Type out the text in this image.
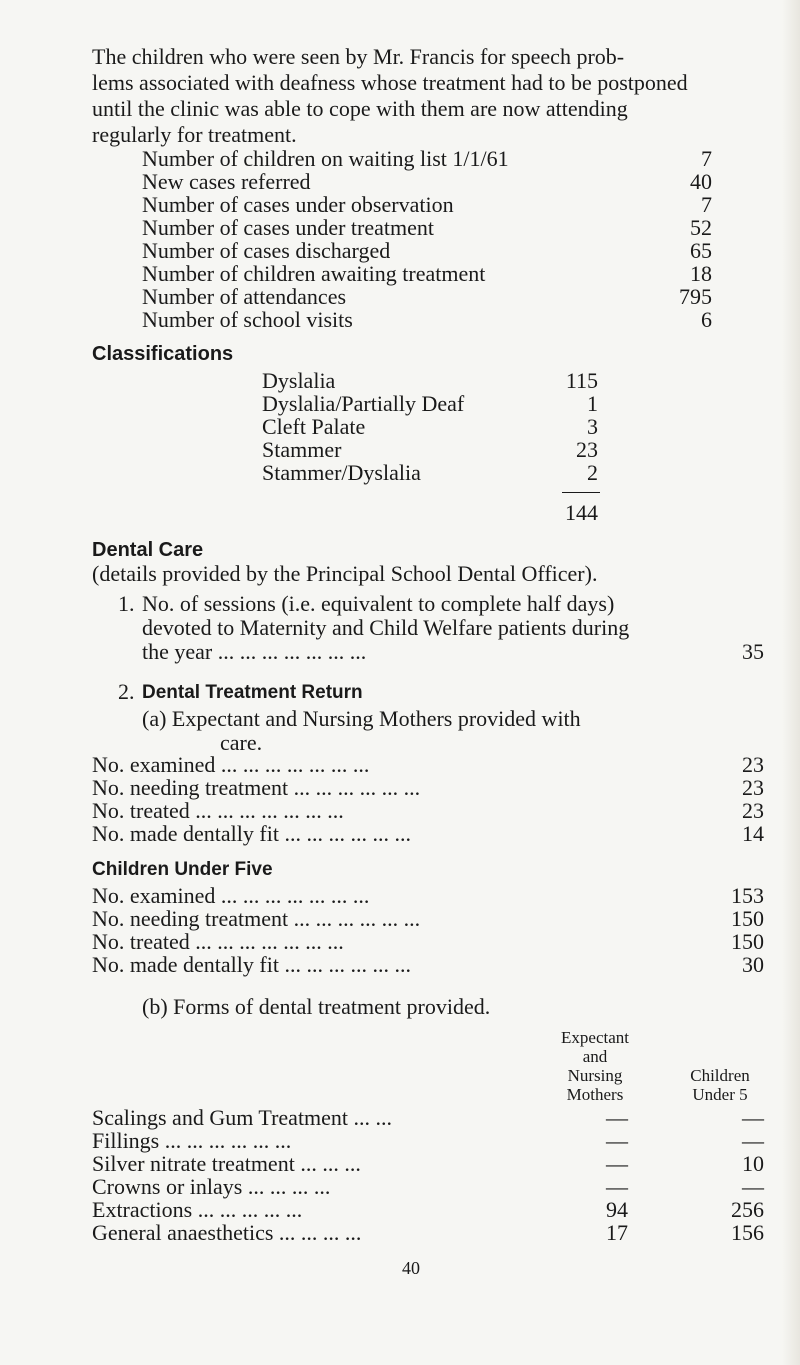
The children who were seen by Mr. Francis for speech prob-
lems associated with deafness whose treatment had to be postponed
until the clinic was able to cope with them are now attending
regularly for treatment.
Number of children on waiting list 1/1/61	7
New cases referred	40
Number of cases under observation	7
Number of cases under treatment	52
Number of cases discharged	65
Number of children awaiting treatment	18
Number of attendances	795
Number of school visits	6
Classifications
Dyslalia	115
Dyslalia/Partially Deaf	1
Cleft Palate	3
Stammer	23
Stammer/Dyslalia	2
144
Dental Care
(details provided by the Principal School Dental Officer).
1. No. of sessions (i.e. equivalent to complete half days)
devoted to Maternity and Child Welfare patients during
the year ... ... ... ... ... ... ...	35
2. Dental Treatment Return
(a) Expectant and Nursing Mothers provided with
care.
No. examined ... ... ... ... ... ... ...	23
No. needing treatment ... ... ... ... ... ...	23
No. treated ... ... ... ... ... ... ...	23
No. made dentally fit ... ... ... ... ... ...	14
Children Under Five
No. examined ... ... ... ... ... ... ...	153
No. needing treatment ... ... ... ... ... ...	150
No. treated ... ... ... ... ... ... ...	150
No. made dentally fit ... ... ... ... ... ...	30
(b) Forms of dental treatment provided.
Expectant
and
Nursing
Mothers
Children
Under 5
Scalings and Gum Treatment ... ...	—	—
Fillings ... ... ... ... ... ...	—	—
Silver nitrate treatment ... ... ...	—	10
Crowns or inlays ... ... ... ...	—	—
Extractions ... ... ... ... ...	94	256
General anaesthetics ... ... ... ...	17	156
40
